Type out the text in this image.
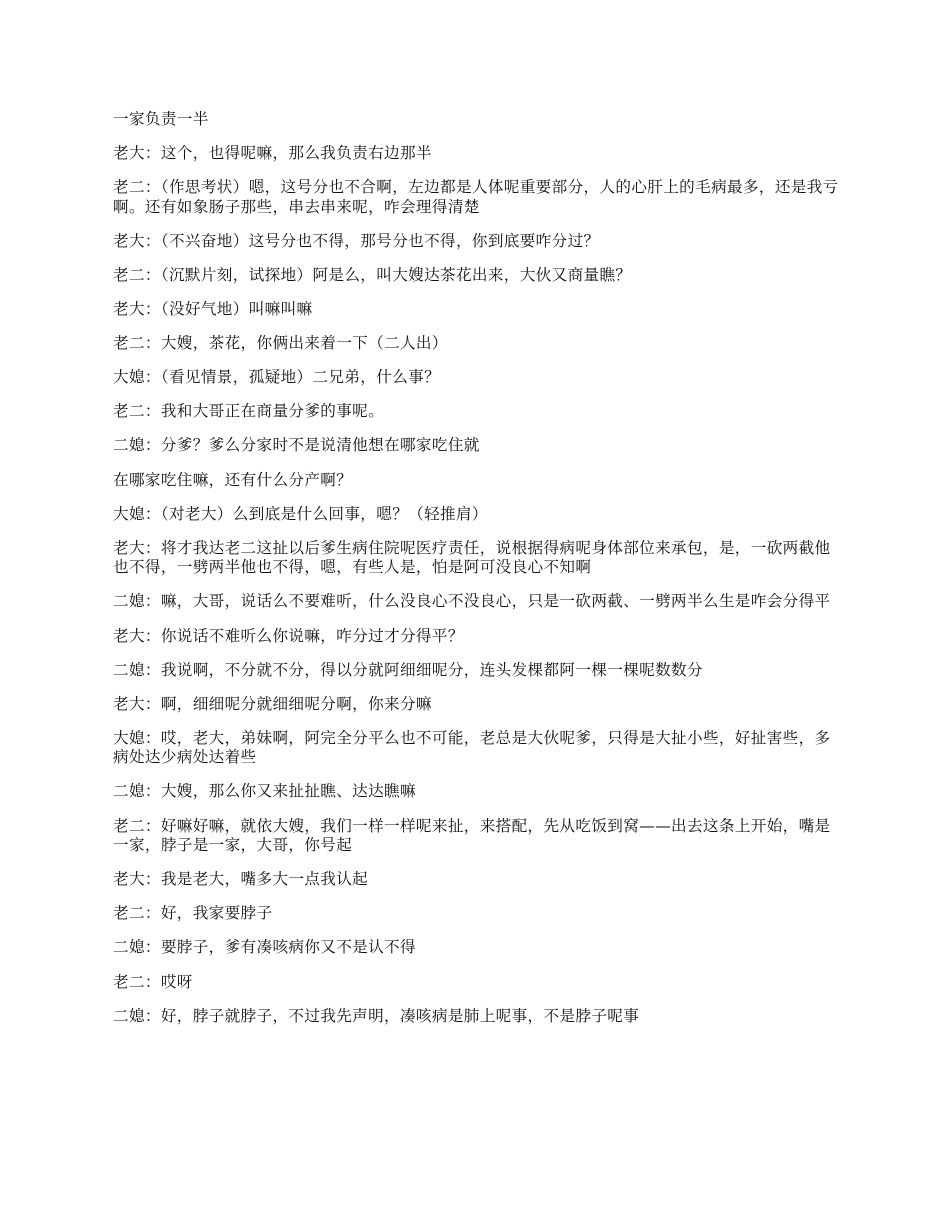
一家负责一半

老大：这个，也得呢嘛，那么我负责右边那半

老二：（作思考状）嗯，这号分也不合啊，左边都是人体呢重要部分，人的心肝上的毛病最多，还是我亏啊。还有如象肠子那些，串去串来呢，咋会理得清楚

老大：（不兴奋地）这号分也不得，那号分也不得，你到底要咋分过？

老二：（沉默片刻，试探地）阿是么，叫大嫂达茶花出来，大伙又商量瞧？

老大：（没好气地）叫嘛叫嘛

老二：大嫂，茶花，你俩出来着一下（二人出）

大媳：（看见情景，孤疑地）二兄弟，什么事？

老二：我和大哥正在商量分爹的事呢。

二媳：分爹？爹么分家时不是说清他想在哪家吃住就

在哪家吃住嘛，还有什么分产啊？

大媳：（对老大）么到底是什么回事，嗯？（轻推肩）

老大：将才我达老二这扯以后爹生病住院呢医疗责任，说根据得病呢身体部位来承包，是，一砍两截他也不得，一劈两半他也不得，嗯，有些人是，怕是阿可没良心不知啊

二媳：嘛，大哥，说话么不要难听，什么没良心不没良心，只是一砍两截、一劈两半么生是咋会分得平

老大：你说话不难听么你说嘛，咋分过才分得平？

二媳：我说啊，不分就不分，得以分就阿细细呢分，连头发棵都阿一棵一棵呢数数分

老大：啊，细细呢分就细细呢分啊，你来分嘛

大媳：哎，老大，弟妹啊，阿完全分平么也不可能，老总是大伙呢爹，只得是大扯小些，好扯害些，多病处达少病处达着些

二媳：大嫂，那么你又来扯扯瞧、达达瞧嘛

老二：好嘛好嘛，就依大嫂，我们一样一样呢来扯，来搭配，先从吃饭到窝——出去这条上开始，嘴是一家，脖子是一家，大哥，你号起

老大：我是老大，嘴多大一点我认起

老二：好，我家要脖子

二媳：要脖子，爹有凑咳病你又不是认不得

老二：哎呀

二媳：好，脖子就脖子，不过我先声明，凑咳病是肺上呢事，不是脖子呢事
